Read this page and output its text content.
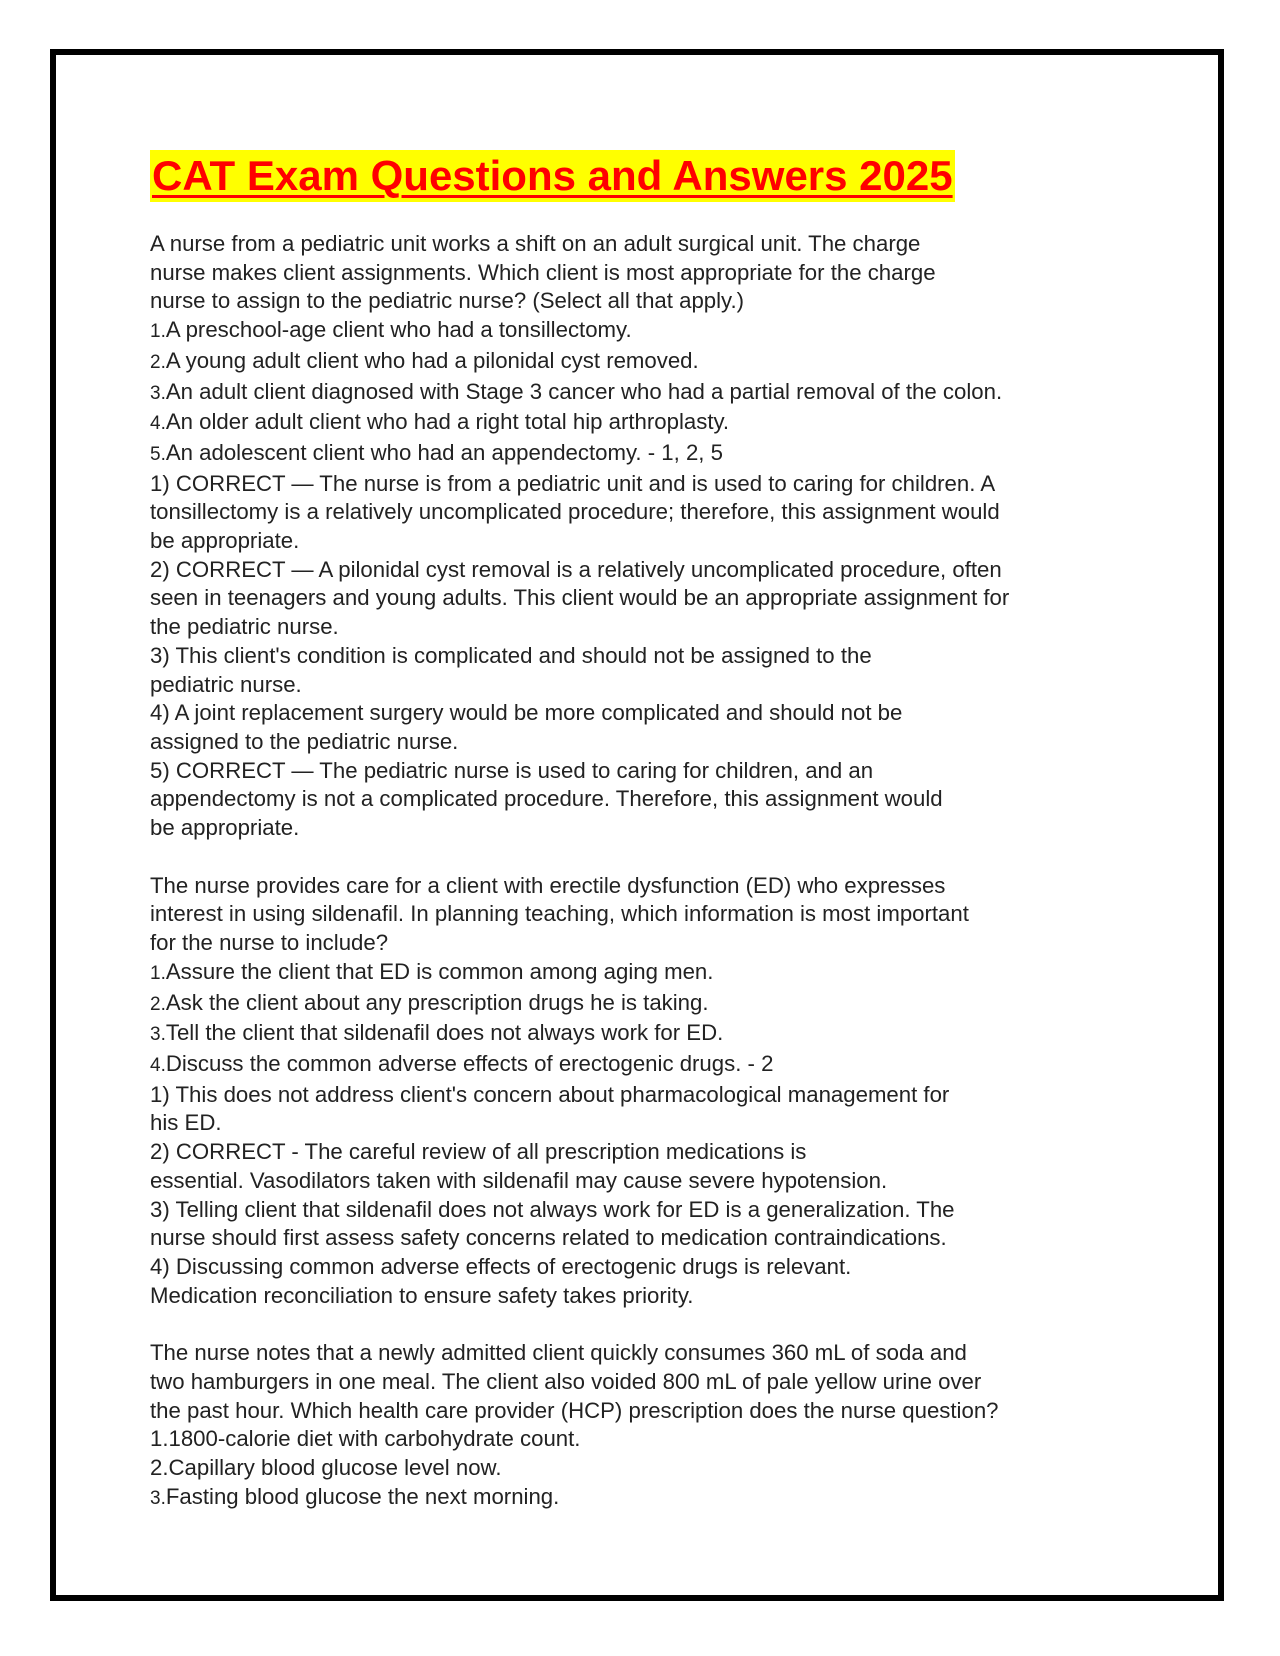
CAT Exam Questions and Answers 2025
A nurse from a pediatric unit works a shift on an adult surgical unit. The charge
nurse makes client assignments. Which client is most appropriate for the charge
nurse to assign to the pediatric nurse? (Select all that apply.)
1.A preschool-age client who had a tonsillectomy.
2.A young adult client who had a pilonidal cyst removed.
3.An adult client diagnosed with Stage 3 cancer who had a partial removal of the colon.
4.An older adult client who had a right total hip arthroplasty.
5.An adolescent client who had an appendectomy. - 1, 2, 5
1) CORRECT — The nurse is from a pediatric unit and is used to caring for children. A
tonsillectomy is a relatively uncomplicated procedure; therefore, this assignment would
be appropriate.
2) CORRECT — A pilonidal cyst removal is a relatively uncomplicated procedure, often
seen in teenagers and young adults. This client would be an appropriate assignment for
the pediatric nurse.
3) This client's condition is complicated and should not be assigned to the
pediatric nurse.
4) A joint replacement surgery would be more complicated and should not be
assigned to the pediatric nurse.
5) CORRECT — The pediatric nurse is used to caring for children, and an
appendectomy is not a complicated procedure. Therefore, this assignment would
be appropriate.
The nurse provides care for a client with erectile dysfunction (ED) who expresses
interest in using sildenafil. In planning teaching, which information is most important
for the nurse to include?
1.Assure the client that ED is common among aging men.
2.Ask the client about any prescription drugs he is taking.
3.Tell the client that sildenafil does not always work for ED.
4.Discuss the common adverse effects of erectogenic drugs. - 2
1) This does not address client's concern about pharmacological management for
his ED.
2) CORRECT - The careful review of all prescription medications is
essential. Vasodilators taken with sildenafil may cause severe hypotension.
3) Telling client that sildenafil does not always work for ED is a generalization. The
nurse should first assess safety concerns related to medication contraindications.
4) Discussing common adverse effects of erectogenic drugs is relevant.
Medication reconciliation to ensure safety takes priority.
The nurse notes that a newly admitted client quickly consumes 360 mL of soda and
two hamburgers in one meal. The client also voided 800 mL of pale yellow urine over
the past hour. Which health care provider (HCP) prescription does the nurse question?
1.1800-calorie diet with carbohydrate count.
2.Capillary blood glucose level now.
3.Fasting blood glucose the next morning.
